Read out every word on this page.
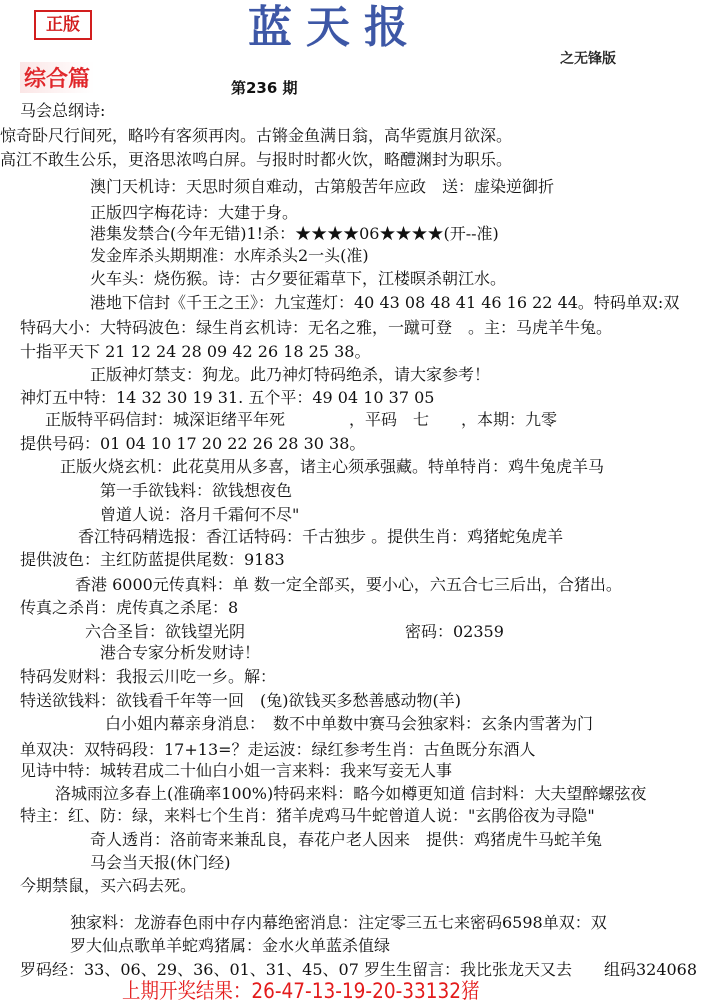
正版	蓝天报
之无锋版
综合篇	第236 期
马会总纲诗:
惊奇卧尺行间死，略吟有客须再肉。古锵金鱼满日翁，高华霓旗月欲深。
高江不敢生公乐，更洛思浓鸣白屏。与报时时都火饮，略醴渊封为职乐。
澳门天机诗：天思时须自难动，古第般苦年应政　送：虚染逆御折
正版四字梅花诗：大建于身。
港集发禁合(今年无错)1!杀：★★★★06★★★★(开--准)
发金库杀头期期准：水库杀头2一头(准)
火车头：烧伤猴。诗：古夕要征霜草下，江楼暝杀朝江水。
港地下信封《千王之王》：九宝莲灯：40 43 08 48 41 46 16 22 44。特码单双:双
特码大小：大特码波色：绿生肖玄机诗：无名之雅，一蹴可登　。主：马虎羊牛兔。
十指平天下 21 12 24 28 09 42 26 18 25 38。
正版神灯禁支：狗龙。此乃神灯特码绝杀，请大家参考！
神灯五中特：14 32 30 19 31. 五个平：49 04 10 37 05
正版特平码信封：城深讵绪平年死　　　　，平码　七　　，本期：九零
提供号码：01 04 10 17 20 22 26 28 30 38。
正版火烧玄机：此花莫用从多喜，诸主心须承强藏。特单特肖：鸡牛兔虎羊马
第一手欲钱料：欲钱想夜色
曾道人说：洛月千霜何不尽"
香江特码精选报：香江话特码：千古独步 。提供生肖：鸡猪蛇兔虎羊
提供波色：主红防蓝提供尾数：9183
香港 6000元传真料：单 数一定全部买，要小心，六五合七三后出，合猪出。
传真之杀肖：虎传真之杀尾：8
六合圣旨：欲钱望光阴　　　　　　　　　　密码：02359
港合专家分析发财诗！
特码发财料：我报云川吃一乡。解：
特送欲钱料：欲钱看千年等一回　(兔)欲钱买多愁善感动物(羊)
白小姐内幕亲身消息：　数不中单数中赛马会独家料：玄条内雪著为门
单双决：双特码段：17+13=？走运波：绿红参考生肖：古鱼既分东酒人
见诗中特：城转君成二十仙白小姐一言来料：我来写妾无人事
洛城雨泣多春上(准确率100%)特码来料：略今如樽更知道 信封料：大夫望醉螺弦夜
特主：红、防：绿，来料七个生肖：猪羊虎鸡马牛蛇曾道人说："玄鹃俗夜为寻隐"
奇人透肖：洛前寄来兼乱良，春花户老人因来　提供：鸡猪虎牛马蛇羊兔
马会当天报(休门经)
今期禁鼠，买六码去死。
独家料：龙游春色雨中存内幕绝密消息：注定零三五七来密码6598单双：双
罗大仙点歌单羊蛇鸡猪属：金水火单蓝杀值绿
罗码经：33、06、29、36、01、31、45、07 罗生生留言：我比张龙天又去　　组码324068
上期开奖结果：26-47-13-19-20-33132猪
